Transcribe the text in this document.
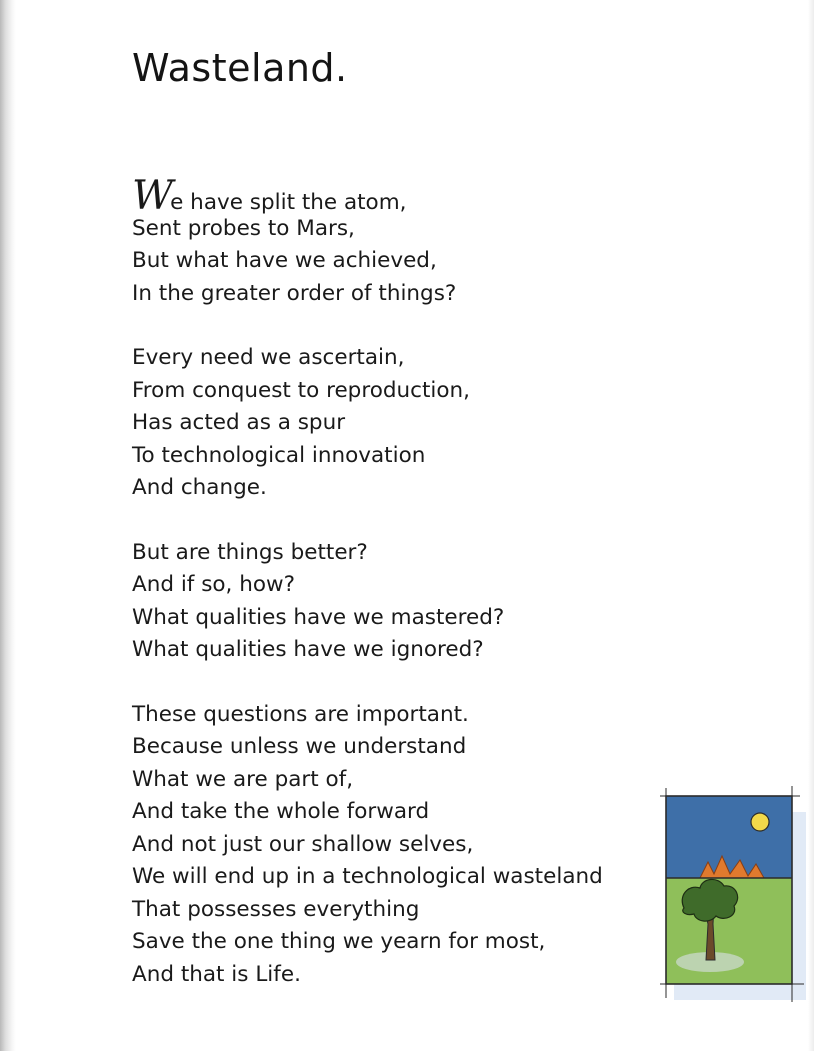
Wasteland.
We have split the atom,
Sent probes to Mars,
But what have we achieved,
In the greater order of things?
Every need we ascertain,
From conquest to reproduction,
Has acted as a spur
To technological innovation
And change.
But are things better?
And if so, how?
What qualities have we mastered?
What qualities have we ignored?
These questions are important.
Because unless we understand
What we are part of,
And take the whole forward
And not just our shallow selves,
We will end up in a technological wasteland
That possesses everything
Save the one thing we yearn for most,
And that is Life.
